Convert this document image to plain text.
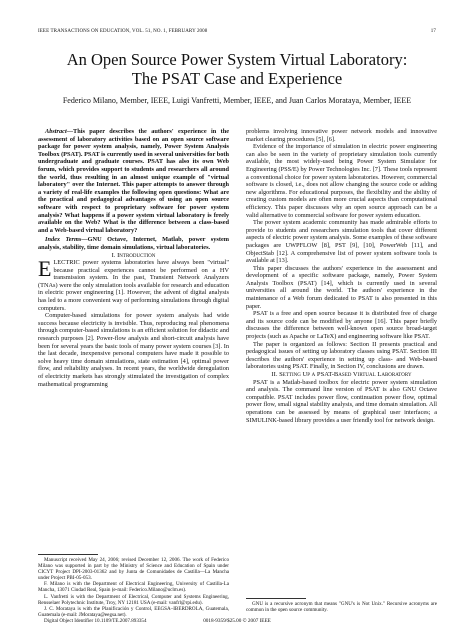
IEEE TRANSACTIONS ON EDUCATION, VOL. 51, NO. 1, FEBRUARY 2008	17
An Open Source Power System Virtual Laboratory:
The PSAT Case and Experience
Federico Milano, Member, IEEE, Luigi Vanfretti, Member, IEEE, and Juan Carlos Morataya, Member, IEEE

Abstract—This paper describes the authors' experience in the assessment of laboratory activities based on an open source software package for power system analysis, namely, Power System Analysis Toolbox (PSAT). PSAT is currently used in several universities for both undergraduate and graduate courses. PSAT has also its own Web forum, which provides support to students and researchers all around the world, thus resulting in an almost unique example of "virtual laboratory" over the Internet. This paper attempts to answer through a variety of real-life examples the following open questions: What are the practical and pedagogical advantages of using an open source software with respect to proprietary software for power system analysis? What happens if a power system virtual laboratory is freely available on the Web? What is the difference between a class-based and a Web-based virtual laboratory?

Index Terms—GNU Octave, Internet, Matlab, power system analysis, stability, time domain simulations, virtual laboratories.

I. Introduction

ELECTRIC power systems laboratories have always been "virtual" because practical experiences cannot be performed on a HV transmission system. In the past, Transient Network Analyzers (TNAs) were the only simulation tools available for research and education in electric power engineering [1]. However, the advent of digital analysis has led to a more convenient way of performing simulations through digital computers.

Computer-based simulations for power system analysis had wide success because electricity is invisible. Thus, reproducing real phenomena through computer-based simulations is an efficient solution for didactic and research purposes [2]. Power-flow analysis and short-circuit analysis have been for several years the basic tools of many power system courses [3]. In the last decade, inexpensive personal computers have made it possible to solve heavy time domain simulations, state estimation [4], optimal power flow, and reliability analyses. In recent years, the worldwide deregulation of electricity markets has strongly stimulated the investigation of complex mathematical programming

Manuscript received May 24, 2006; revised December 12, 2006. The work of Federico Milano was supported in part by the Ministry of Science and Education of Spain under CICYT Project DPI-2003-01362 and by Junta de Comunidades de Castilla—La Mancha under Project PBI-05-053.

F. Milano is with the Department of Electrical Engineering, University of Castilla-La Mancha, 13071 Ciudad Real, Spain (e-mail: Federico.Milano@uclm.es).

L. Vanfretti is with the Department of Electrical, Computer and Systems Engineering, Rensselaer Polytechnic Institute, Troy, NY 12181 USA (e-mail: vanfrl@rpi.edu).

J. C. Morataya is with the Planificación y Control, EEGSA–IBERDROLA, Guatemala, Guatemala (e-mail: JMorataya@eegsa.net).

Digital Object Identifier 10.1109/TE.2007.893354

problems involving innovative power network models and innovative market clearing procedures [5], [6].

Evidence of the importance of simulation in electric power engineering can also be seen in the variety of proprietary simulation tools currently available, the most widely-used being Power System Simulator for Engineering (PSS/E) by Power Technologies Inc. [7]. These tools represent a conventional choice for power system laboratories. However, commercial software is closed, i.e., does not allow changing the source code or adding new algorithms. For educational purposes, the flexibility and the ability of creating custom models are often more crucial aspects than computational efficiency. This paper discusses why an open source approach can be a valid alternative to commercial software for power system education.

The power system academic community has made admirable efforts to provide to students and researchers simulation tools that cover different aspects of electric power system analysis. Some examples of these software packages are UWPFLOW [8], PST [9], [10], PowerWeb [11], and ObjectStab [12]. A comprehensive list of power system software tools is available at [13].

This paper discusses the authors' experience in the assessment and development of a specific software package, namely, Power System Analysis Toolbox (PSAT) [14], which is currently used in several universities all around the world. The authors' experience in the maintenance of a Web forum dedicated to PSAT is also presented in this paper.

PSAT is a free and open source because it is distributed free of charge and its source code can be modified by anyone [16]. This paper briefly discusses the difference between well-known open source broad-target projects (such as Apache or LaTeX) and engineering software like PSAT.

The paper is organized as follows: Section II presents practical and pedagogical issues of setting up laboratory classes using PSAT. Section III describes the authors' experience in setting up class- and Web-based laboratories using PSAT. Finally, in Section IV, conclusions are drawn.

II. Setting Up a PSAT-Based Virtual Laboratory

PSAT is a Matlab-based toolbox for electric power system simulation and analysis. The command line version of PSAT is also GNU Octave compatible. PSAT includes power flow, continuation power flow, optimal power flow, small signal stability analysis, and time domain simulation. All operations can be assessed by means of graphical user interfaces; a SIMULINK-based library provides a user friendly tool for network design.

GNU is a recursive acronym that means "GNU's is Not Unix." Recursive acronyms are common in the open source community.

0018-9359/$25.00 © 2007 IEEE
